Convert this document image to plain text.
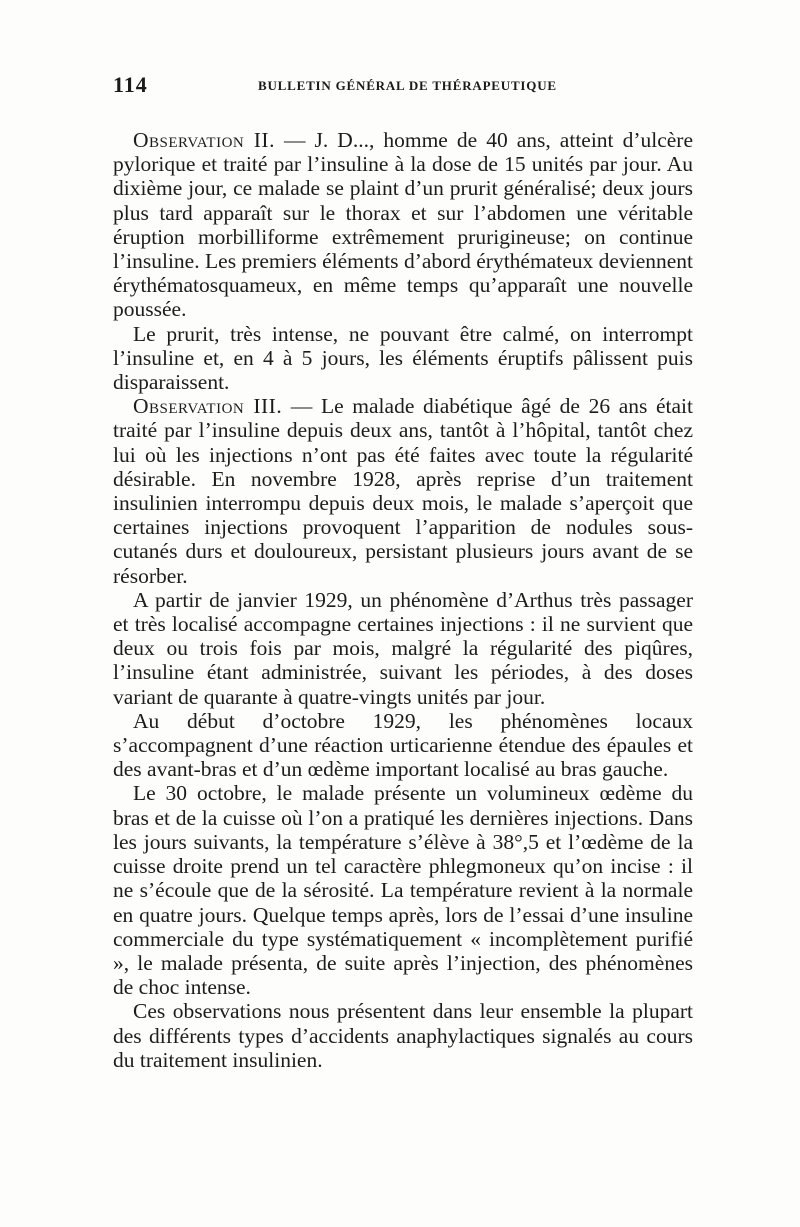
114	BULLETIN GÉNÉRAL DE THÉRAPEUTIQUE

Observation II. — J. D..., homme de 40 ans, atteint d’ulcère pylorique et traité par l’insuline à la dose de 15 unités par jour. Au dixième jour, ce malade se plaint d’un prurit généralisé; deux jours plus tard apparaît sur le thorax et sur l’abdomen une véritable éruption morbilliforme extrêmement prurigineuse; on continue l’insuline. Les premiers éléments d’abord érythémateux deviennent érythématosquameux, en même temps qu’apparaît une nouvelle poussée.

Le prurit, très intense, ne pouvant être calmé, on interrompt l’insuline et, en 4 à 5 jours, les éléments éruptifs pâlissent puis disparaissent.

Observation III. — Le malade diabétique âgé de 26 ans était traité par l’insuline depuis deux ans, tantôt à l’hôpital, tantôt chez lui où les injections n’ont pas été faites avec toute la régularité désirable. En novembre 1928, après reprise d’un traitement insulinien interrompu depuis deux mois, le malade s’aperçoit que certaines injections provoquent l’apparition de nodules sous-cutanés durs et douloureux, persistant plusieurs jours avant de se résorber.

A partir de janvier 1929, un phénomène d’Arthus très passager et très localisé accompagne certaines injections : il ne survient que deux ou trois fois par mois, malgré la régularité des piqûres, l’insuline étant administrée, suivant les périodes, à des doses variant de quarante à quatre-vingts unités par jour.

Au début d’octobre 1929, les phénomènes locaux s’accompagnent d’une réaction urticarienne étendue des épaules et des avant-bras et d’un œdème important localisé au bras gauche.

Le 30 octobre, le malade présente un volumineux œdème du bras et de la cuisse où l’on a pratiqué les dernières injections. Dans les jours suivants, la température s’élève à 38°,5 et l’œdème de la cuisse droite prend un tel caractère phlegmoneux qu’on incise : il ne s’écoule que de la sérosité. La température revient à la normale en quatre jours. Quelque temps après, lors de l’essai d’une insuline commerciale du type systématiquement « incomplètement purifié », le malade présenta, de suite après l’injection, des phénomènes de choc intense.

Ces observations nous présentent dans leur ensemble la plupart des différents types d’accidents anaphylactiques signalés au cours du traitement insulinien.
